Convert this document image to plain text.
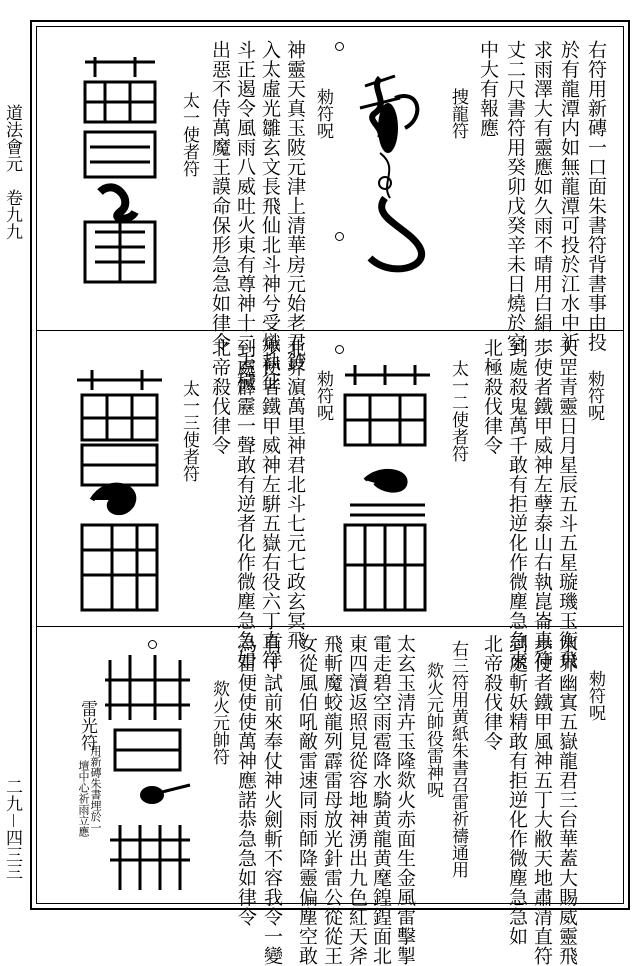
道法會元　卷九九
二九－四三三
右符用新磚一口面朱書符背書事由投
於有龍潭内如無龍潭可投於江水中祈
求雨澤大有靈應如久雨不晴用白絹一
丈二尺書符用癸卯戊癸辛未日燒於空
中大有報應
捜龍符
勑符呪
神靈天真玉陂元津上清華房元始老君鈔
入太虛光雛玄文長飛仙北斗神兮受熾執征
斗正遏令風雨八威吐火東有尊神十二去穢
出惡不侍萬魔王謨命保形急急如律令
太一使者符
勑符呪
天罡青靈日月星辰五斗五星璇璣玉衡飛
歩使者鐵甲威神左孽泰山右執崑崙真符
到處殺鬼萬千敢有拒逆化作微塵急急來
北極殺伐律令
太一二使者符
勑符呪
北界濵萬里神君北斗七元七政玄冥飛
歩使者鐵甲威神左騈五嶽右役六丁直符
到處霹靂一聲敢有逆者化作微塵急急如
北帝殺伐律令
太一三使者符
勑符呪
水界幽寘五嶽龍君三台華蓋大賜威靈飛
歩使者鐵甲風神五丁大敝天地肅清直符
到處斬妖精敢有拒逆化作微塵急急如
北帝殺伐律令
右三符用黄紙朱書召雷祈禱通用
欻火元帥役雷神呪
太玄玉清卉玉隆欻火赤面生金風雷擊掣
電走碧空雨雹降水騎黄龍黄麾鍠鍠面北
東四瀆返照見從容地神湧出九色紅天斧
飛斬魔蛟龍列霹雷母放光針雷公從從王
女從風伯吼敵雷速同雨師降靈偏塵空敢
有干試前來奉仗神火劍斬不容我令一變
為雷便使使萬神應諾恭急急如律令
欻火元帥符
雷光符
用新磚朱書埋於一
壇中心祈雨立應
